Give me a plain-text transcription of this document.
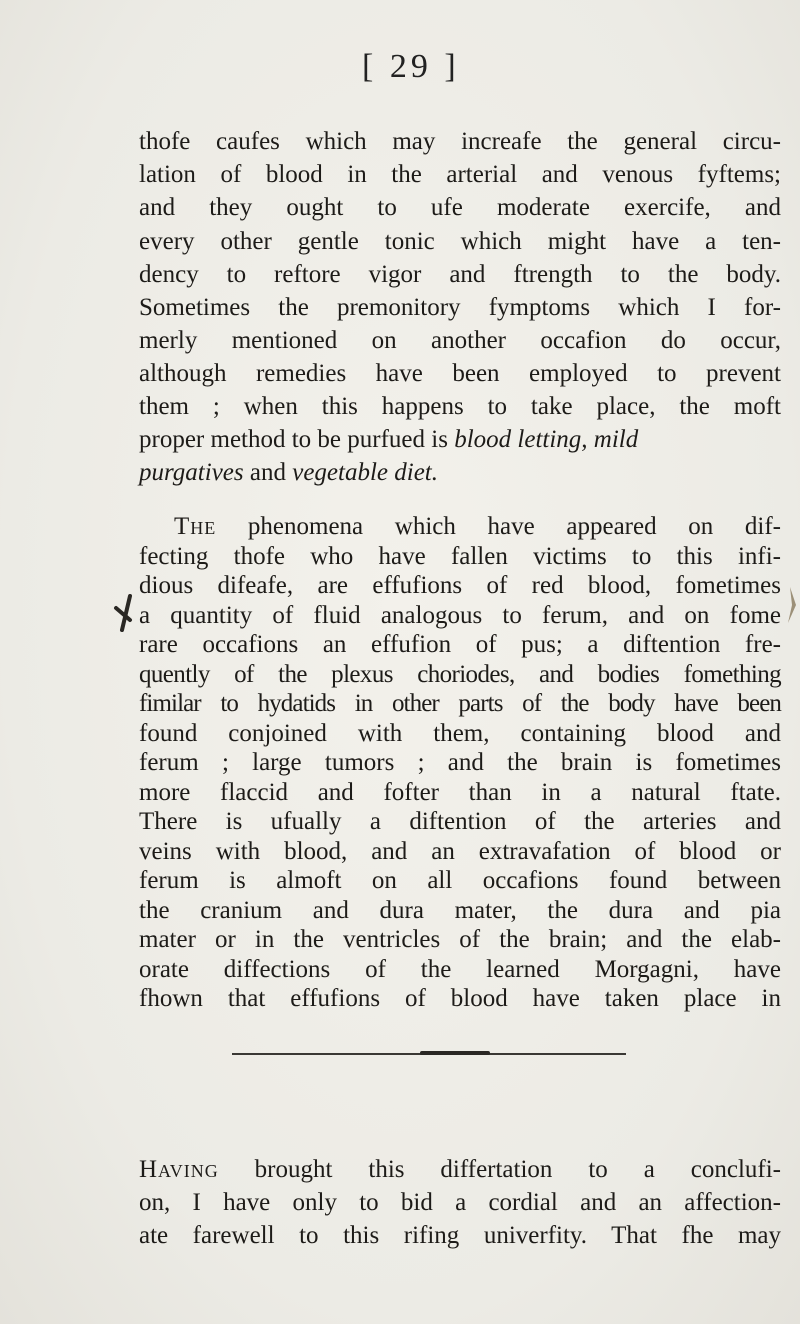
[ 29 ]
thofe caufes which may increafe the general circu-
lation of blood in the arterial and venous fyftems;
and they ought to ufe moderate exercife, and
every other gentle tonic which might have a ten-
dency to reftore vigor and ftrength to the body.
Sometimes the premonitory fymptoms which I for-
merly mentioned on another occafion do occur,
although remedies have been employed to prevent
them ; when this happens to take place, the moft
proper method to be purfued is blood letting, mild
purgatives and vegetable diet.
The phenomena which have appeared on dif-
fecting thofe who have fallen victims to this infi-
dious difeafe, are effufions of red blood, fometimes
a quantity of fluid analogous to ferum, and on fome
rare occafions an effufion of pus; a diftention fre-
quently of the plexus choriodes, and bodies fomething
fimilar to hydatids in other parts of the body have been
found conjoined with them, containing blood and
ferum ; large tumors ; and the brain is fometimes
more flaccid and fofter than in a natural ftate.
There is ufually a diftention of the arteries and
veins with blood, and an extravafation of blood or
ferum is almoft on all occafions found between
the cranium and dura mater, the dura and pia
mater or in the ventricles of the brain; and the elab-
orate diffections of the learned Morgagni, have
fhown that effufions of blood have taken place in
Having brought this differtation to a conclufi-
on, I have only to bid a cordial and an affection-
ate farewell to this rifing univerfity. That fhe may
